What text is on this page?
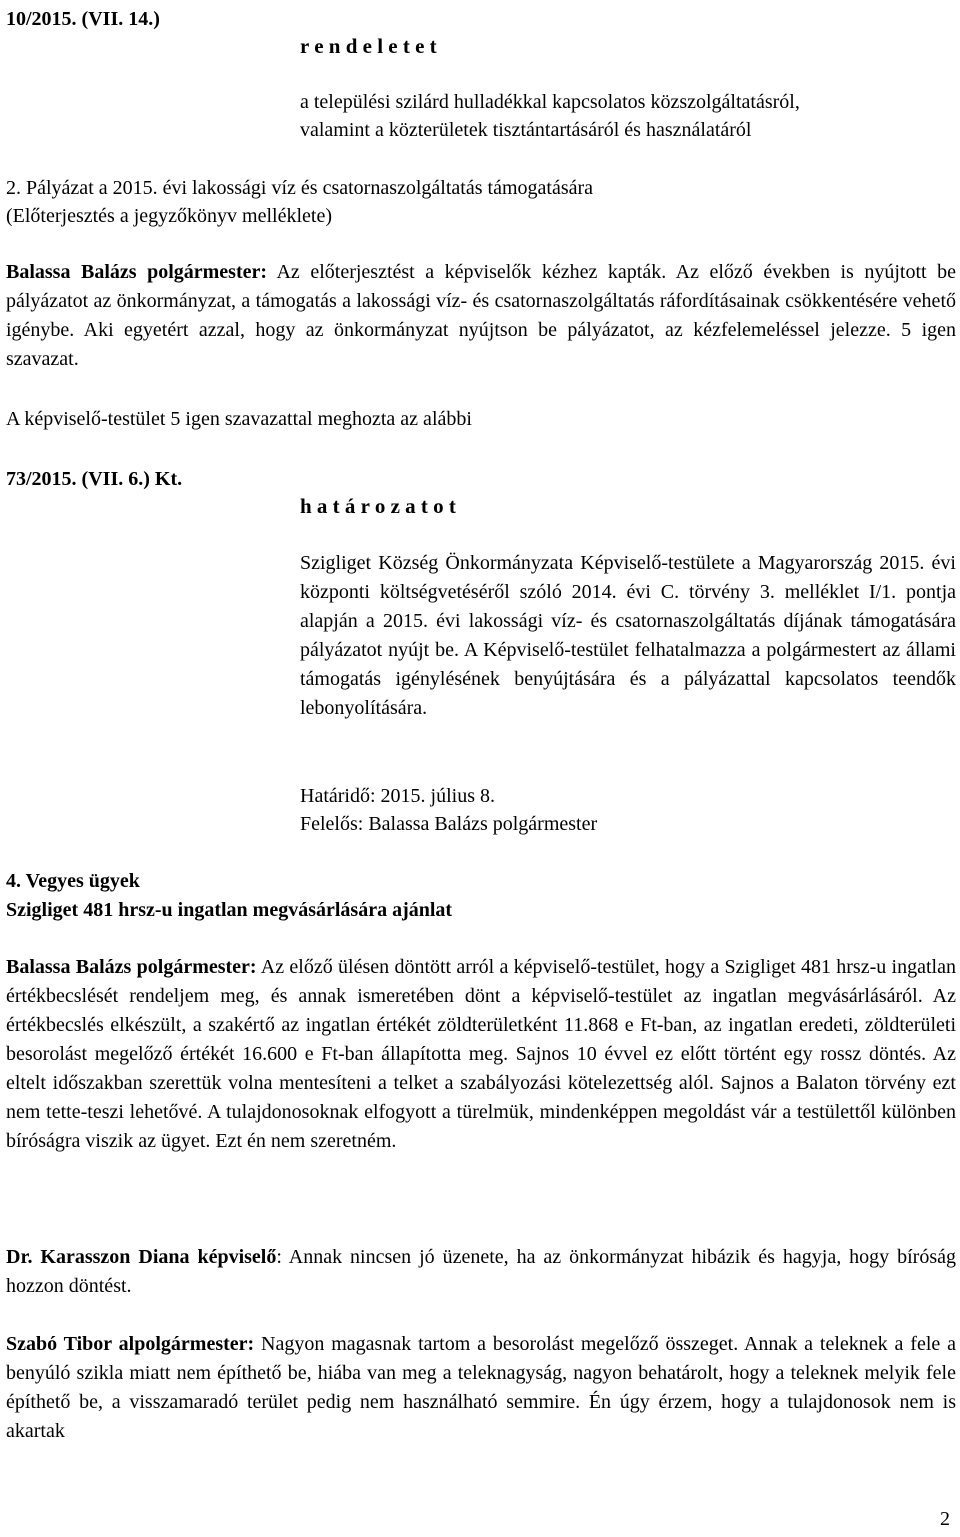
10/2015. (VII. 14.)
r e n d e l e t e t
a települési szilárd hulladékkal kapcsolatos közszolgáltatásról,
valamint a közterületek tisztántartásáról és használatáról
2. Pályázat a 2015. évi lakossági víz és csatornaszolgáltatás támogatására
(Előterjesztés a jegyzőkönyv melléklete)

Balassa Balázs polgármester: Az előterjesztést a képviselők kézhez kapták. Az előző években is nyújtott be pályázatot az önkormányzat, a támogatás a lakossági víz- és csatornaszolgáltatás ráfordításainak csökkentésére vehető igénybe. Aki egyetért azzal, hogy az önkormányzat nyújtson be pályázatot, az kézfelemeléssel jelezze. 5 igen szavazat.

A képviselő-testület 5 igen szavazattal meghozta az alábbi
73/2015. (VII. 6.) Kt.
h a t á r o z a t o t

Szigliget Község Önkormányzata Képviselő-testülete a Magyarország 2015. évi központi költségvetéséről szóló 2014. évi C. törvény 3. melléklet I/1. pontja alapján a 2015. évi lakossági víz- és csatornaszolgáltatás díjának támogatására pályázatot nyújt be. A Képviselő-testület felhatalmazza a polgármestert az állami támogatás igénylésének benyújtására és a pályázattal kapcsolatos teendők lebonyolítására.

Határidő: 2015. július 8.
Felelős: Balassa Balázs polgármester
4. Vegyes ügyek
Szigliget 481 hrsz-u ingatlan megvásárlására ajánlat

Balassa Balázs polgármester: Az előző ülésen döntött arról a képviselő-testület, hogy a Szigliget 481 hrsz-u ingatlan értékbecslését rendeljem meg, és annak ismeretében dönt a képviselő-testület az ingatlan megvásárlásáról. Az értékbecslés elkészült, a szakértő az ingatlan értékét zöldterületként 11.868 e Ft-ban, az ingatlan eredeti, zöldterületi besorolást megelőző értékét 16.600 e Ft-ban állapította meg. Sajnos 10 évvel ez előtt történt egy rossz döntés. Az eltelt időszakban szerettük volna mentesíteni a telket a szabályozási kötelezettség alól. Sajnos a Balaton törvény ezt nem tette-teszi lehetővé. A tulajdonosoknak elfogyott a türelmük, mindenképpen megoldást vár a testülettől különben bíróságra viszik az ügyet. Ezt én nem szeretném.

Dr. Karasszon Diana képviselő: Annak nincsen jó üzenete, ha az önkormányzat hibázik és hagyja, hogy bíróság hozzon döntést.

Szabó Tibor alpolgármester: Nagyon magasnak tartom a besorolást megelőző összeget. Annak a teleknek a fele a benyúló szikla miatt nem építhető be, hiába van meg a teleknagyság, nagyon behatárolt, hogy a teleknek melyik fele építhető be, a visszamaradó terület pedig nem használható semmire. Én úgy érzem, hogy a tulajdonosok nem is akartak

2
